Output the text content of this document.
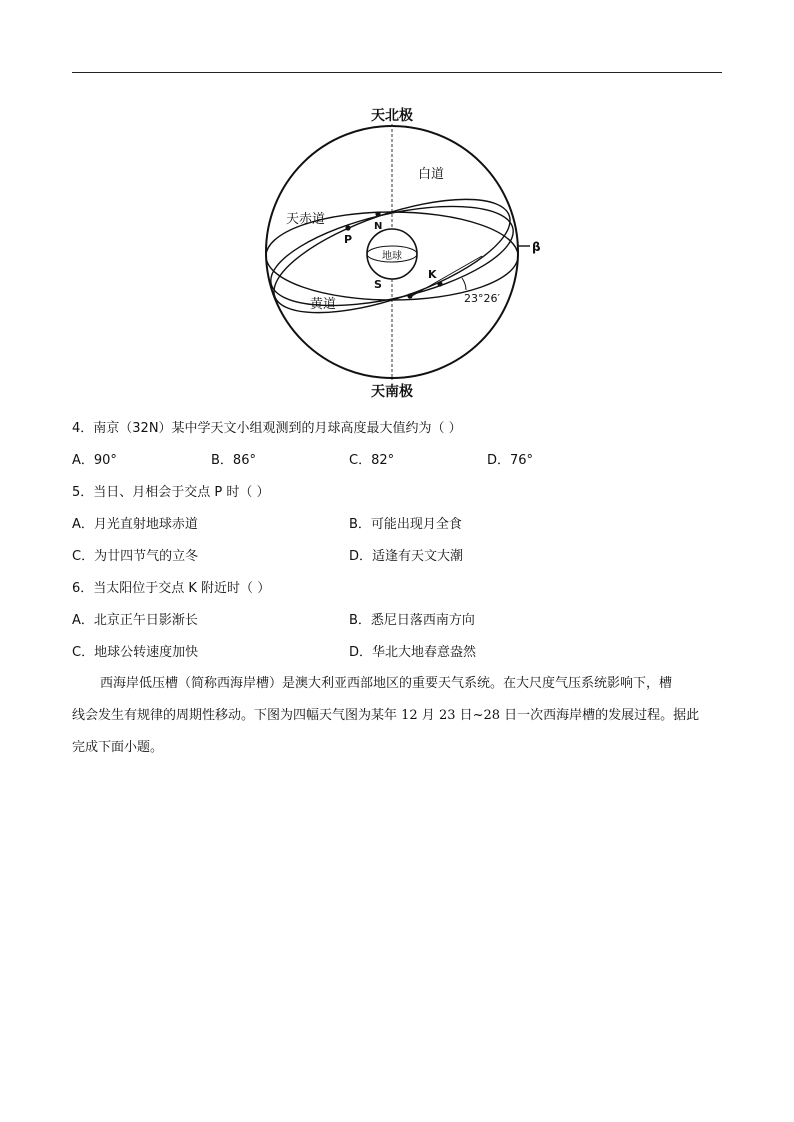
天北极
天南极
白道
天赤道
黄道
地球
P
N
S
K
β
23°26′
4．南京（32N）某中学天文小组观测到的月球高度最大值约为（ ）
A．90°	B．86°	C．82°	D．76°
5．当日、月相会于交点 P 时（ ）
A．月光直射地球赤道	B．可能出现月全食
C．为廿四节气的立冬	D．适逢有天文大潮
6．当太阳位于交点 K 附近时（ ）
A．北京正午日影渐长	B．悉尼日落西南方向
C．地球公转速度加快	D．华北大地春意盎然
西海岸低压槽（简称西海岸槽）是澳大利亚西部地区的重要天气系统。在大尺度气压系统影响下，槽
线会发生有规律的周期性移动。下图为四幅天气图为某年 12 月 23 日~28 日一次西海岸槽的发展过程。据此
完成下面小题。
